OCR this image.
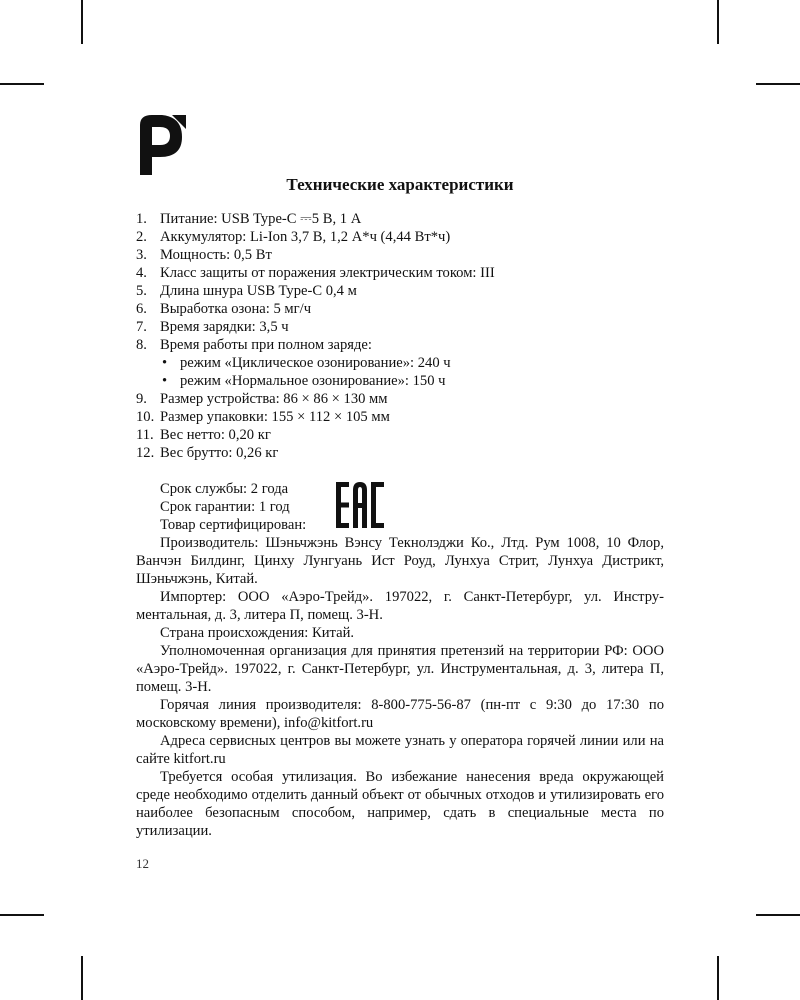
Технические характеристики
1. Питание: USB Type-C ⎓5 В, 1 А
2. Аккумулятор: Li-Ion 3,7 В, 1,2 А*ч (4,44 Вт*ч)
3. Мощность: 0,5 Вт
4. Класс защиты от поражения электрическим током: III
5. Длина шнура USB Type-C 0,4 м
6. Выработка озона: 5 мг/ч
7. Время зарядки: 3,5 ч
8. Время работы при полном заряде:
• режим «Циклическое озонирование»: 240 ч
• режим «Нормальное озонирование»: 150 ч
9. Размер устройства: 86 × 86 × 130 мм
10. Размер упаковки: 155 × 112 × 105 мм
11. Вес нетто: 0,20 кг
12. Вес брутто: 0,26 кг
Срок службы: 2 года
Срок гарантии: 1 год
Товар сертифицирован:

Производитель: Шэньчжэнь Вэнсу Текнолэджи Ко., Лтд. Рум 1008, 10 Флор, Ванчэн Билдинг, Цинху Лунгуань Ист Роуд, Лунхуа Стрит, Лунхуа Дистрикт, Шэньчжэнь, Китай.

Импортер: ООО «Аэро-Трейд». 197022, г. Санкт-Петербург, ул. Инструментальная, д. 3, литера П, помещ. 3-Н.

Страна происхождения: Китай.

Уполномоченная организация для принятия претензий на территории РФ: ООО «Аэро-Трейд». 197022, г. Санкт-Петербург, ул. Инструментальная, д. 3, литера П, помещ. 3-Н.

Горячая линия производителя: 8-800-775-56-87 (пн-пт с 9:30 до 17:30 по московскому времени), info@kitfort.ru

Адреса сервисных центров вы можете узнать у оператора горячей линии или на сайте kitfort.ru

Требуется особая утилизация. Во избежание нанесения вреда окружающей среде необходимо отделить данный объект от обычных отходов и утилизировать его наиболее безопасным способом, например, сдать в специальные места по утилизации.

12
